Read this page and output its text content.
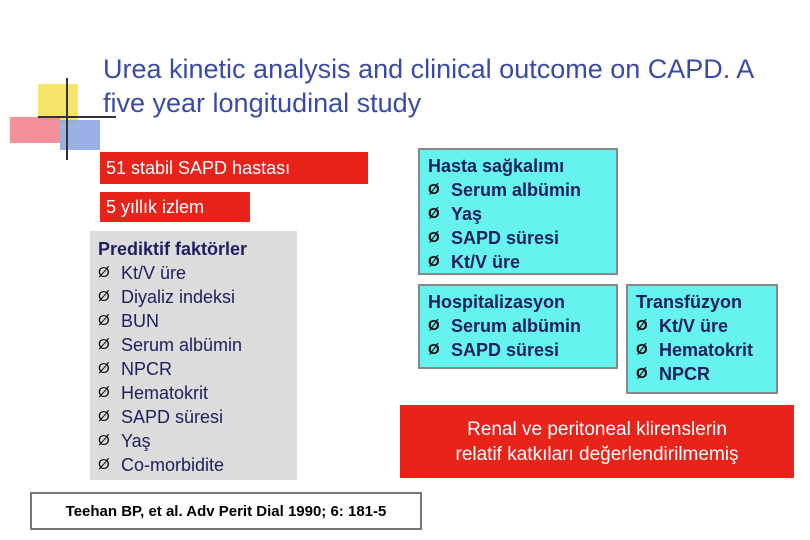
Urea kinetic analysis and clinical outcome on CAPD. A five year longitudinal study
51 stabil SAPD hastası
5 yıllık izlem
Prediktif faktörler
Ø Kt/V üre
Ø Diyaliz indeksi
Ø BUN
Ø Serum albümin
Ø NPCR
Ø Hematokrit
Ø SAPD süresi
Ø Yaş
Ø Co-morbidite
Hasta sağkalımı
Ø Serum albümin
Ø Yaş
Ø SAPD süresi
Ø Kt/V üre
Hospitalizasyon
Ø Serum albümin
Ø SAPD süresi
Transfüzyon
Ø Kt/V üre
Ø Hematokrit
Ø NPCR
Renal ve peritoneal klirenslerin
relatif katkıları değerlendirilmemiş
Teehan BP, et al. Adv Perit Dial 1990; 6: 181-5
